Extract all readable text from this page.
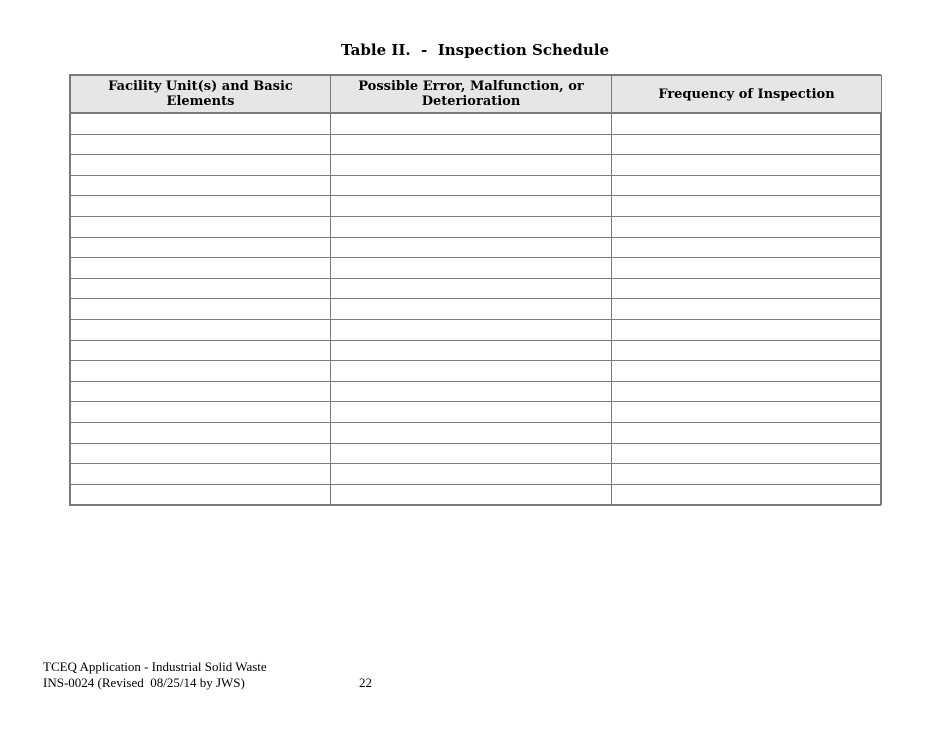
Table II.  -  Inspection Schedule
Facility Unit(s) and Basic Elements	Possible Error, Malfunction, or Deterioration	Frequency of Inspection

TCEQ Application - Industrial Solid Waste
INS-0024 (Revised  08/25/14 by JWS)	22
